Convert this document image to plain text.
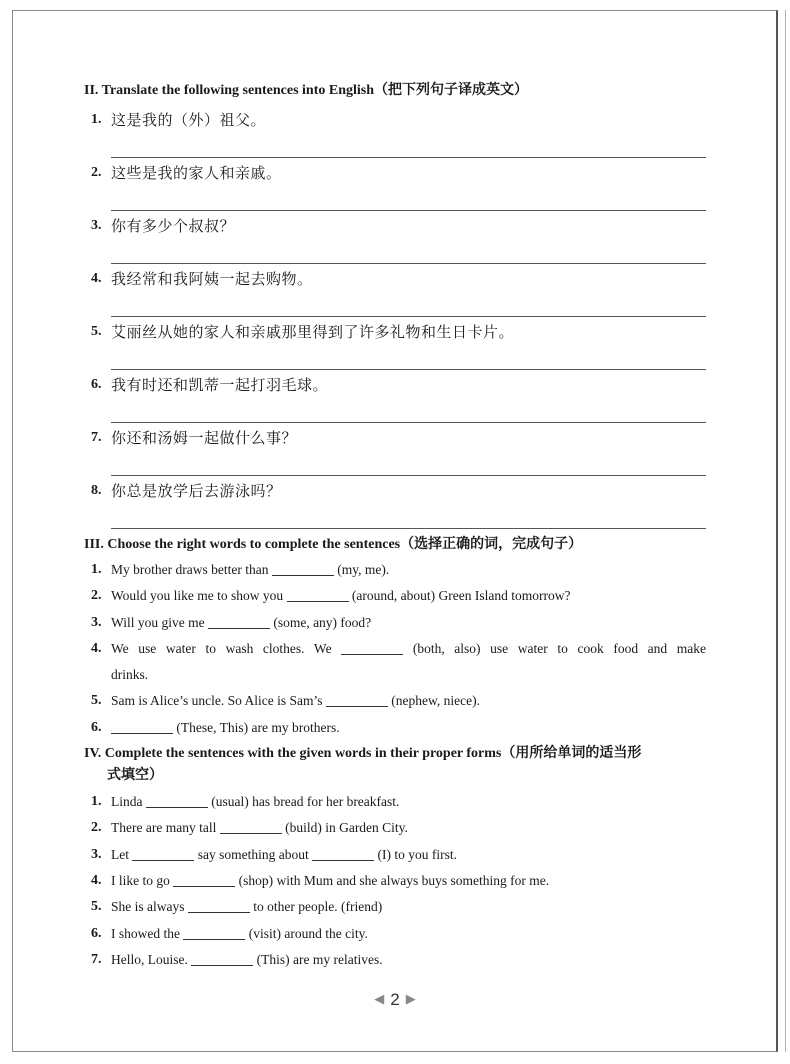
II. Translate the following sentences into English（把下列句子译成英文）

1. 这是我的（外）祖父。
2. 这些是我的家人和亲戚。
3. 你有多少个叔叔？
4. 我经常和我阿姨一起去购物。
5. 艾丽丝从她的家人和亲戚那里得到了许多礼物和生日卡片。
6. 我有时还和凯蒂一起打羽毛球。
7. 你还和汤姆一起做什么事？
8. 你总是放学后去游泳吗？

III. Choose the right words to complete the sentences（选择正确的词，完成句子）

1. My brother draws better than	(my, me).
2. Would you like me to show you	(around, about) Green Island tomorrow?
3. Will you give me	(some, any) food?
4. We use water to wash clothes. We	(both, also) use water to cook food and make
drinks.
5. Sam is Alice’s uncle. So Alice is Sam’s	(nephew, niece).
6.	(These, This) are my brothers.

IV. Complete the sentences with the given words in their proper forms（用所给单词的适当形

式填空）

1. Linda	(usual) has bread for her breakfast.
2. There are many tall	(build) in Garden City.
3. Let	say something about	(I) to you first.
4. I like to go	(shop) with Mum and she always buys something for me.
5. She is always	to other people. (friend)
6. I showed the	(visit) around the city.
7. Hello, Louise.	(This) are my relatives.
◀ 2 ▶
